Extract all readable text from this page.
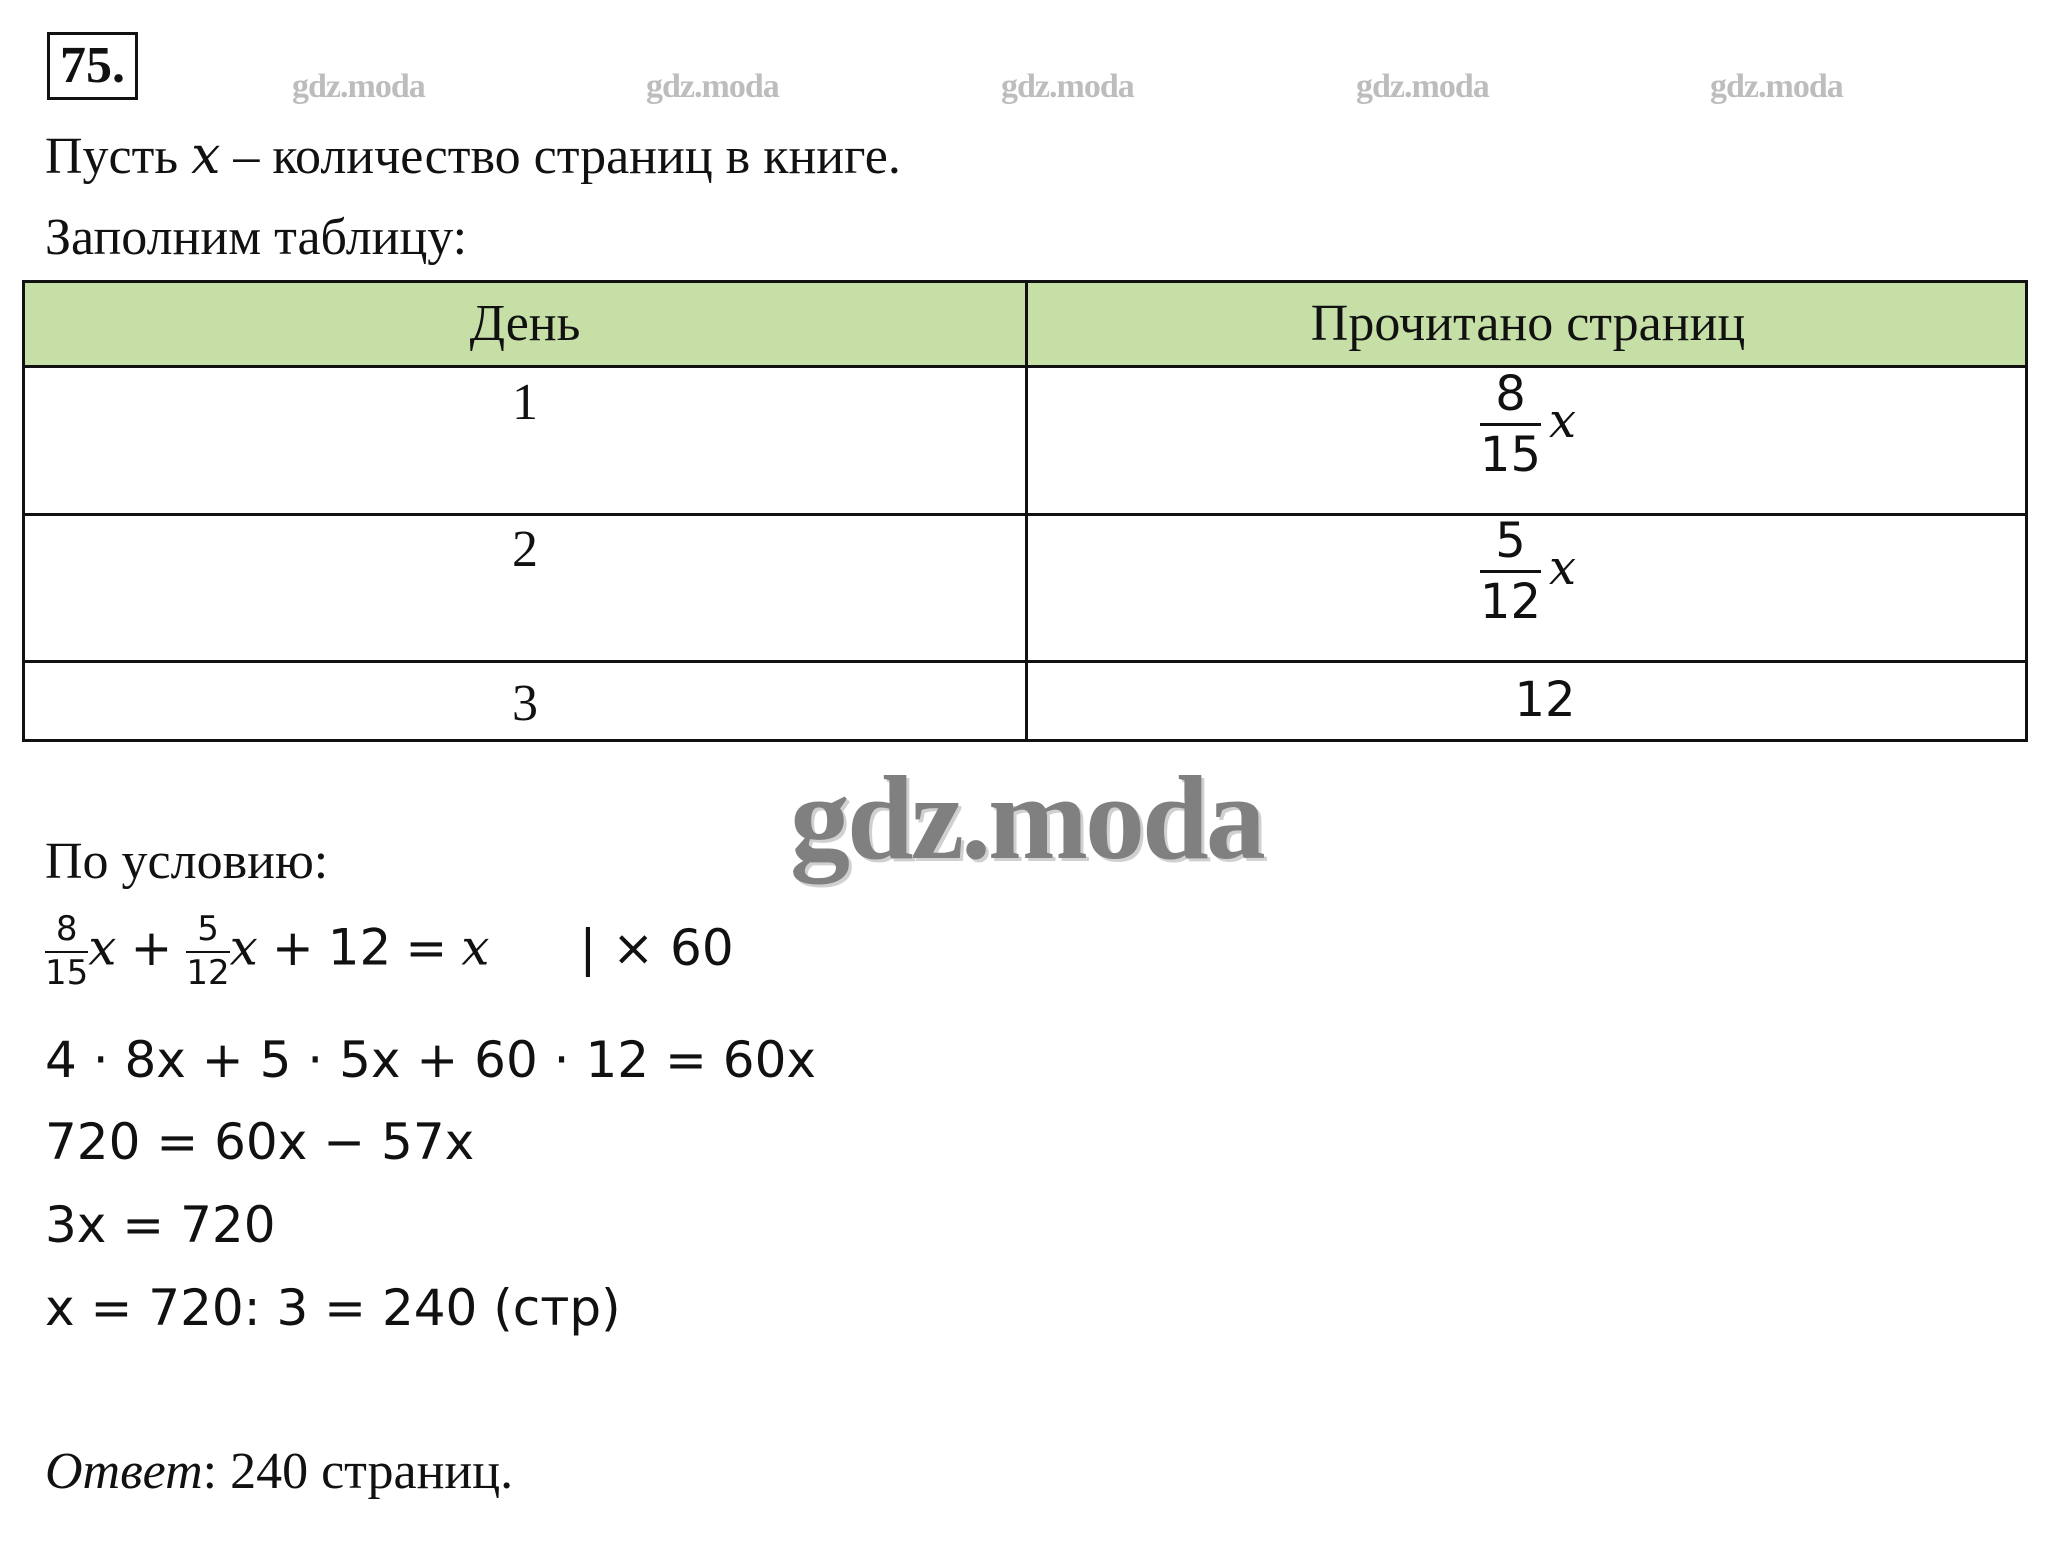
75.	gdz.moda	gdz.moda	gdz.moda	gdz.moda	gdz.moda
Пусть x – количество страниц в книге.
Заполним таблицу:
День	Прочитано страниц
1	$\frac{8}{15}$ x
2	$\frac{5}{12}$ x
3	12
gdz.moda
По условию:
$\frac{8}{15}$ $x + \frac{5}{12}$ x + 12 = x | × 60
4 · 8x + 5 · 5x + 60 · 12 = 60x
720 = 60x − 57x
3x = 720
x = 720: 3 = 240 (стр)
Ответ: 240 страниц.
